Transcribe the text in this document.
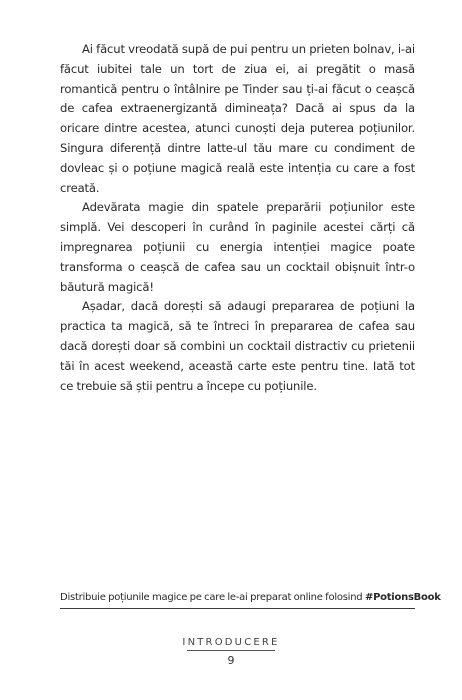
Ai făcut vreodată supă de pui pentru un prieten bolnav, i-ai făcut iubitei tale un tort de ziua ei, ai pregătit o masă romantică pentru o întâlnire pe Tinder sau ți-ai făcut o ceașcă de cafea extraenergizantă dimineața? Dacă ai spus da la oricare dintre acestea, atunci cunoști deja puterea poțiunilor. Singura diferență dintre latte-ul tău mare cu condiment de dovleac și o poțiune magică reală este intenția cu care a fost creată.

Adevărata magie din spatele preparării poțiunilor este simplă. Vei descoperi în curând în paginile acestei cărți că impregnarea poțiunii cu energia intenției magice poate transforma o ceașcă de cafea sau un cocktail obișnuit într-o băutură magică!

Așadar, dacă dorești să adaugi prepararea de poțiuni la practica ta magică, să te întreci în prepararea de cafea sau dacă dorești doar să combini un cocktail distractiv cu prietenii tăi în acest weekend, această carte este pentru tine. Iată tot ce trebuie să știi pentru a începe cu poțiunile.

Distribuie poțiunile magice pe care le-ai preparat online folosind #PotionsBook
INTRODUCERE
9
